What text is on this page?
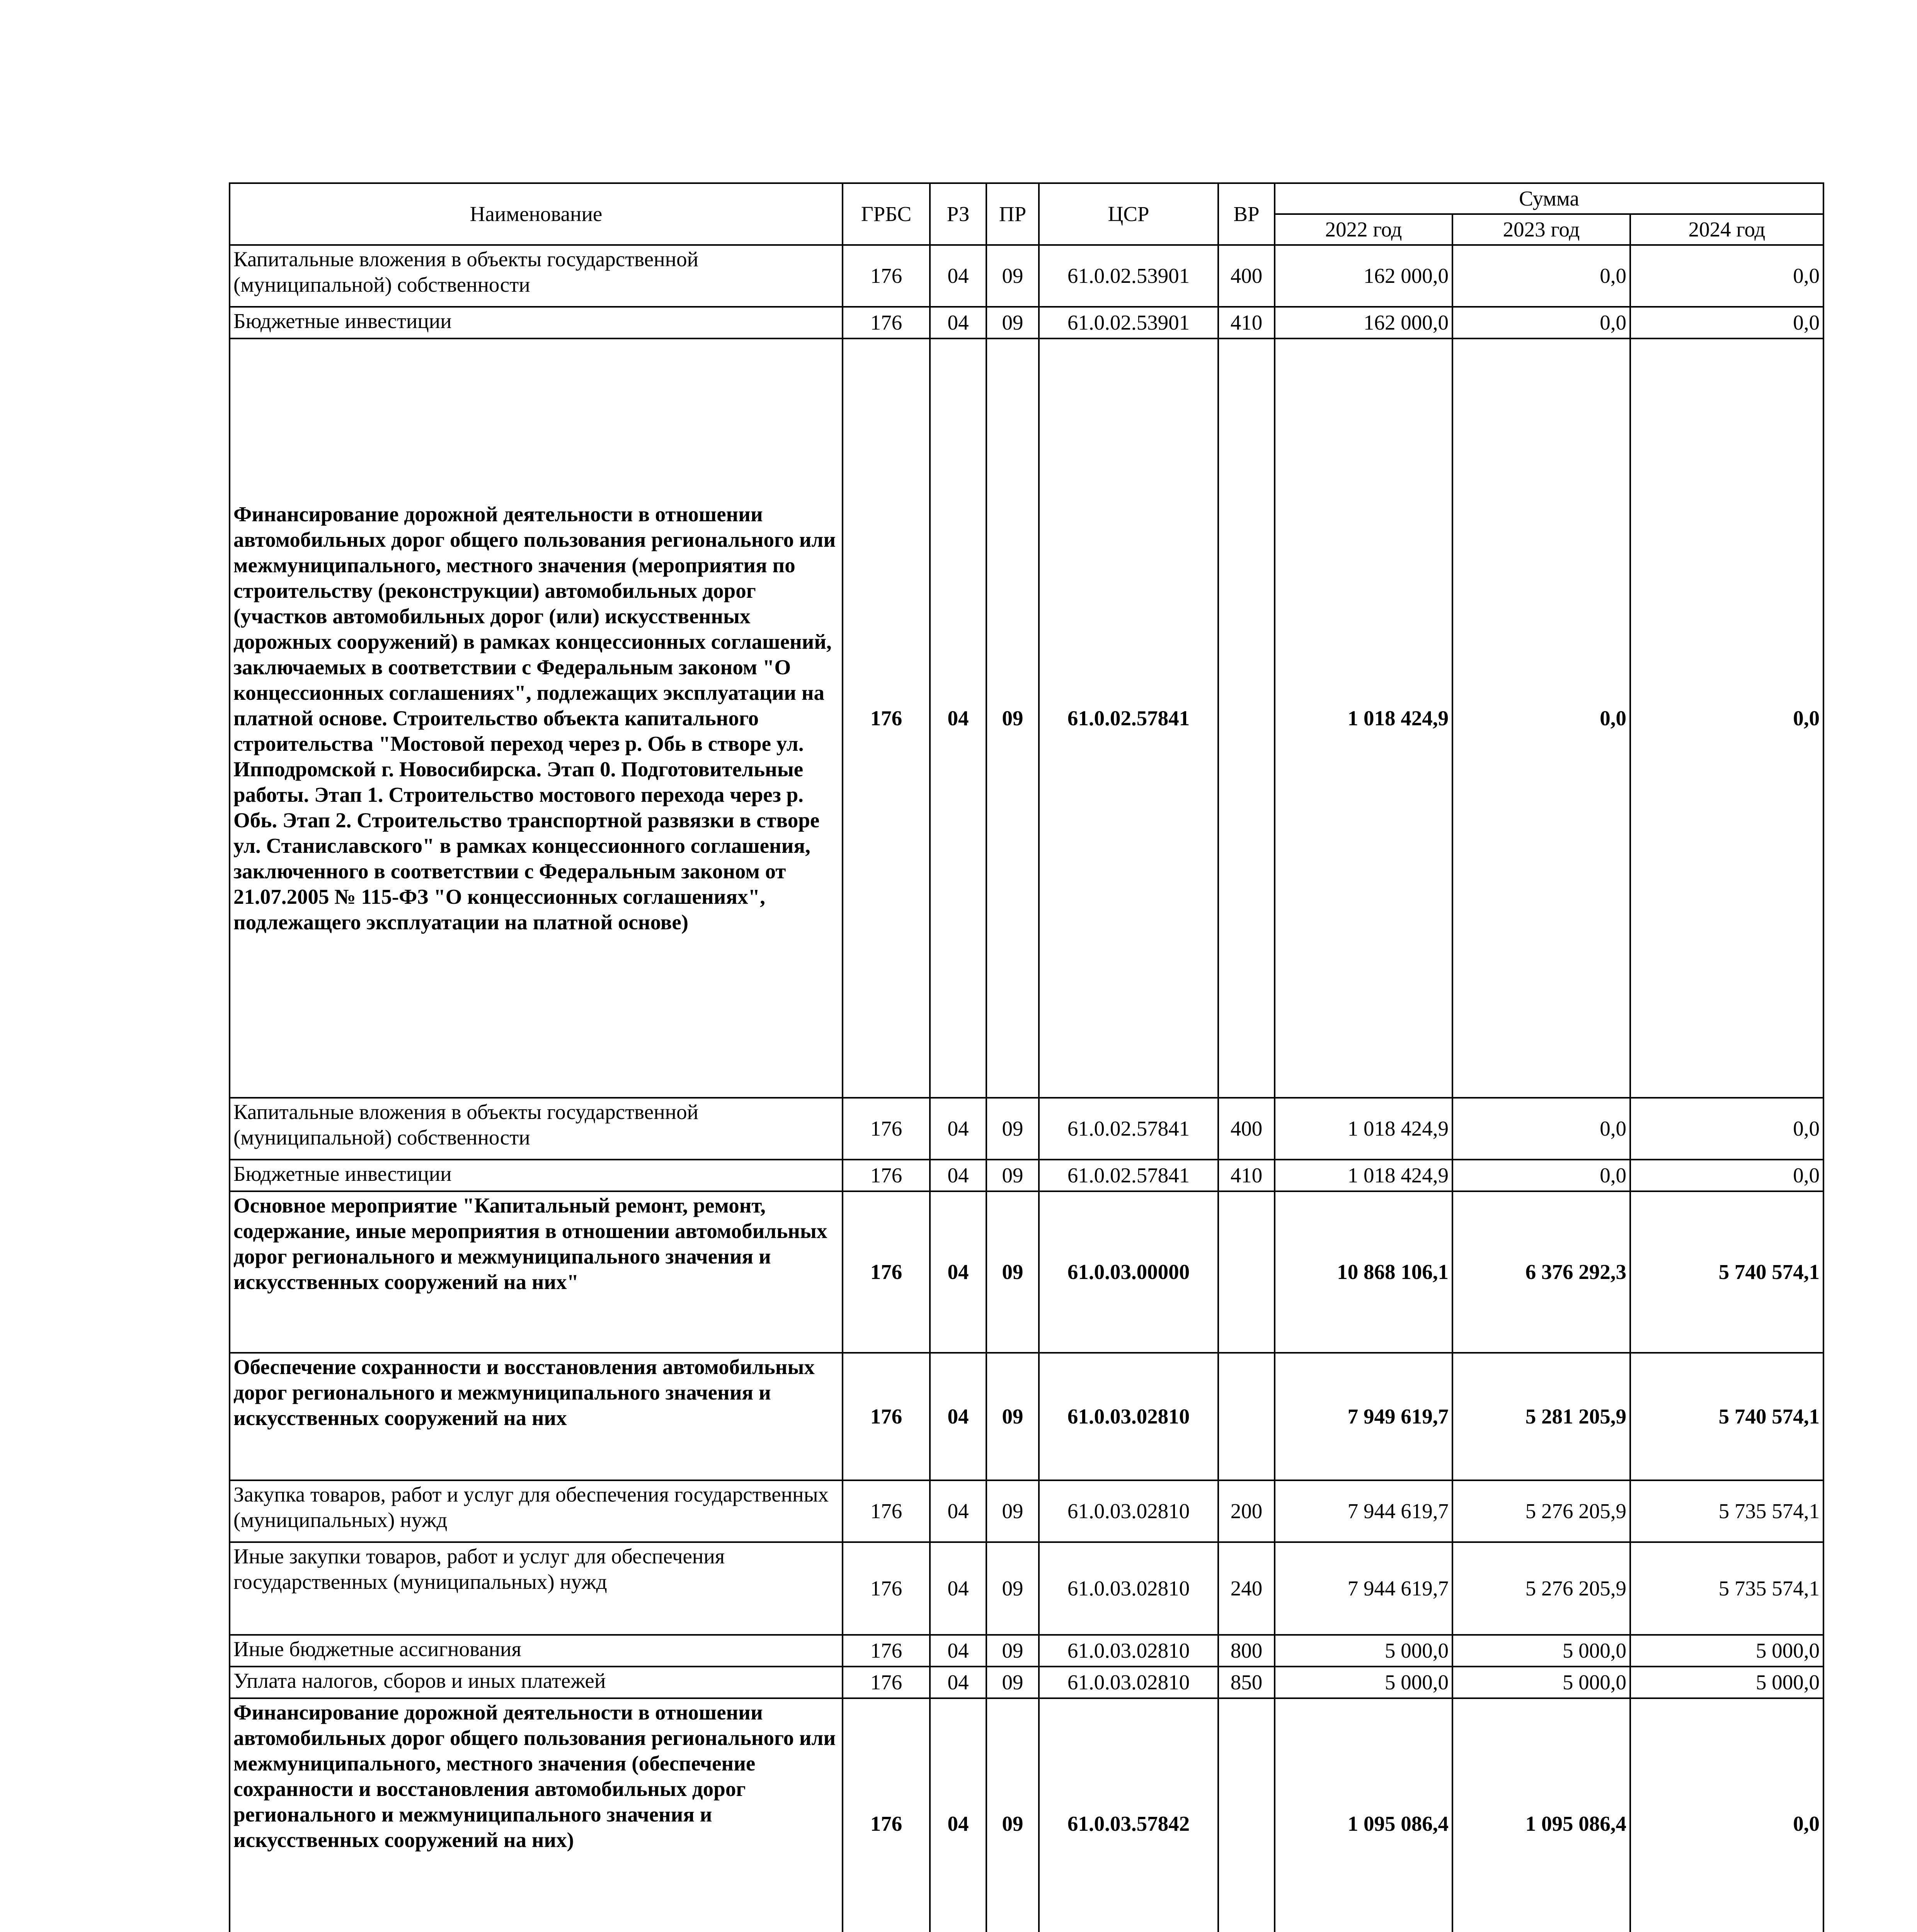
Наименование	ГРБС	РЗ	ПР	ЦСР	ВР	Сумма		
						2022 год	2023 год	2024 год
Капитальные вложения в объекты государственной (муниципальной) собственности	176	04	09	61.0.02.53901	400	162 000,0	0,0	0,0
Бюджетные инвестиции	176	04	09	61.0.02.53901	410	162 000,0	0,0	0,0
Финансирование дорожной деятельности в отношении автомобильных дорог общего пользования регионального или межмуниципального, местного значения (мероприятия по строительству (реконструкции) автомобильных дорог (участков автомобильных дорог (или) искусственных дорожных сооружений) в рамках концессионных соглашений, заключаемых в соответствии с Федеральным законом "О концессионных соглашениях", подлежащих эксплуатации на платной основе. Строительство объекта капитального строительства "Мостовой переход через р. Обь в створе ул. Ипподромской г. Новосибирска. Этап 0. Подготовительные работы. Этап 1. Строительство мостового перехода через р. Обь. Этап 2. Строительство транспортной развязки в створе ул. Станиславского" в рамках концессионного соглашения, заключенного в соответствии с Федеральным законом от 21.07.2005 № 115-ФЗ "О концессионных соглашениях", подлежащего эксплуатации на платной основе)	176	04	09	61.0.02.57841		1 018 424,9	0,0	0,0
Капитальные вложения в объекты государственной (муниципальной) собственности	176	04	09	61.0.02.57841	400	1 018 424,9	0,0	0,0
Бюджетные инвестиции	176	04	09	61.0.02.57841	410	1 018 424,9	0,0	0,0
Основное мероприятие "Капитальный ремонт, ремонт, содержание, иные мероприятия в отношении автомобильных дорог регионального и межмуниципального значения и искусственных сооружений на них"	176	04	09	61.0.03.00000		10 868 106,1	6 376 292,3	5 740 574,1
Обеспечение сохранности и восстановления автомобильных дорог регионального и межмуниципального значения и искусственных сооружений на них	176	04	09	61.0.03.02810		7 949 619,7	5 281 205,9	5 740 574,1
Закупка товаров, работ и услуг для обеспечения государственных (муниципальных) нужд	176	04	09	61.0.03.02810	200	7 944 619,7	5 276 205,9	5 735 574,1
Иные закупки товаров, работ и услуг для обеспечения государственных (муниципальных) нужд	176	04	09	61.0.03.02810	240	7 944 619,7	5 276 205,9	5 735 574,1
Иные бюджетные ассигнования	176	04	09	61.0.03.02810	800	5 000,0	5 000,0	5 000,0
Уплата налогов, сборов и иных платежей	176	04	09	61.0.03.02810	850	5 000,0	5 000,0	5 000,0
Финансирование дорожной деятельности в отношении автомобильных дорог общего пользования регионального или межмуниципального, местного значения (обеспечение сохранности и восстановления автомобильных дорог регионального и межмуниципального значения и искусственных сооружений на них)	176	04	09	61.0.03.57842		1 095 086,4	1 095 086,4	0,0
